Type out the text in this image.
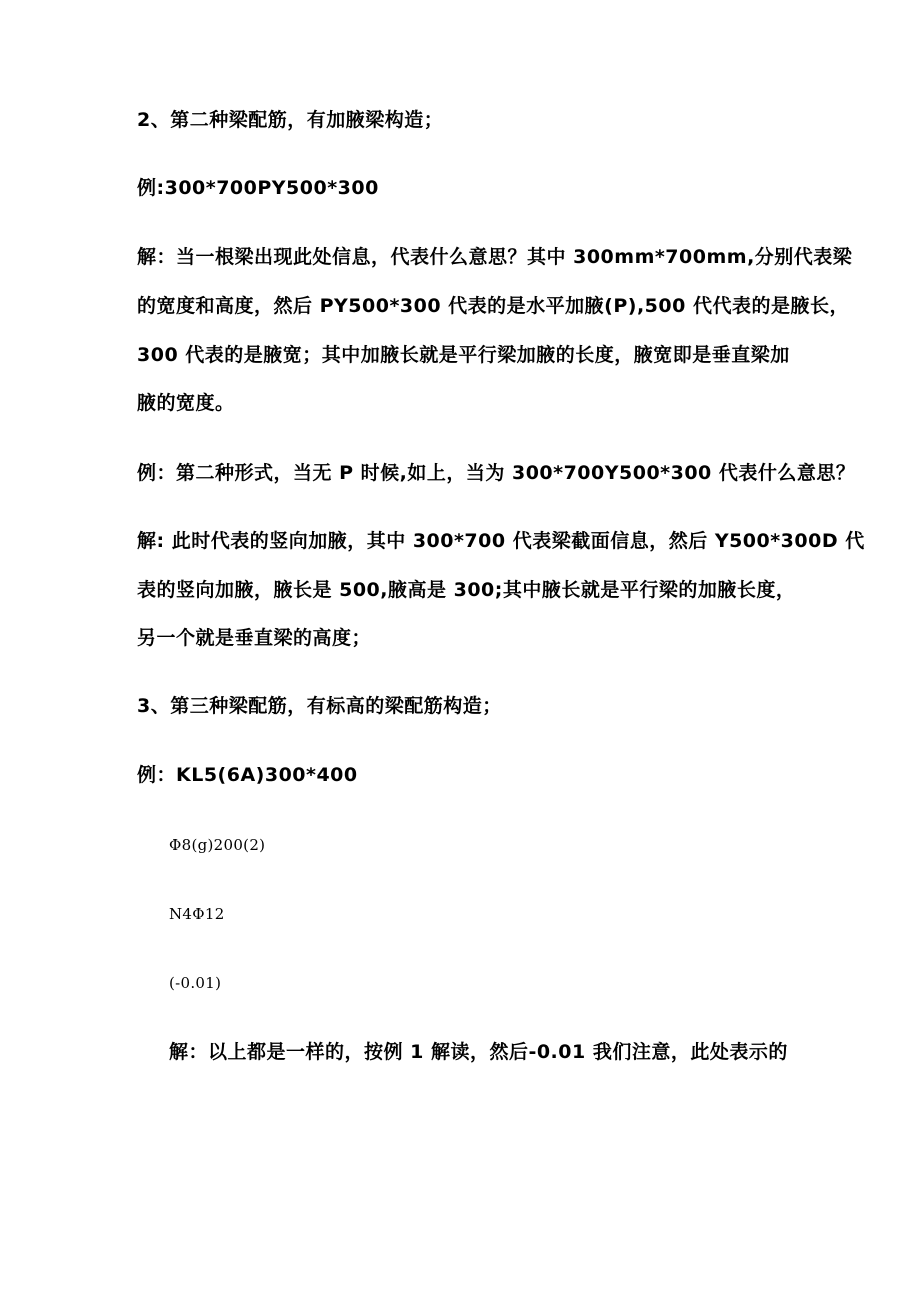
2、第二种梁配筋，有加腋梁构造；
例:300*700PY500*300
解：当一根梁出现此处信息，代表什么意思？其中 300mm*700mm,分别代表梁
的宽度和高度，然后 PY500*300 代表的是水平加腋(P),500 代代表的是腋长，
300 代表的是腋宽；其中加腋长就是平行梁加腋的长度，腋宽即是垂直梁加
腋的宽度。
例：第二种形式，当无 P 时候,如上，当为 300*700Y500*300 代表什么意思？
解: 此时代表的竖向加腋，其中 300*700 代表梁截面信息，然后 Y500*300D 代
表的竖向加腋，腋长是 500,腋高是 300;其中腋长就是平行梁的加腋长度，
另一个就是垂直梁的高度；
3、第三种梁配筋，有标高的梁配筋构造；
例：KL5(6A)300*400
Φ8(g)200(2)
N4Φ12
(-0.01)
解：以上都是一样的，按例 1 解读，然后-0.01 我们注意，此处表示的
